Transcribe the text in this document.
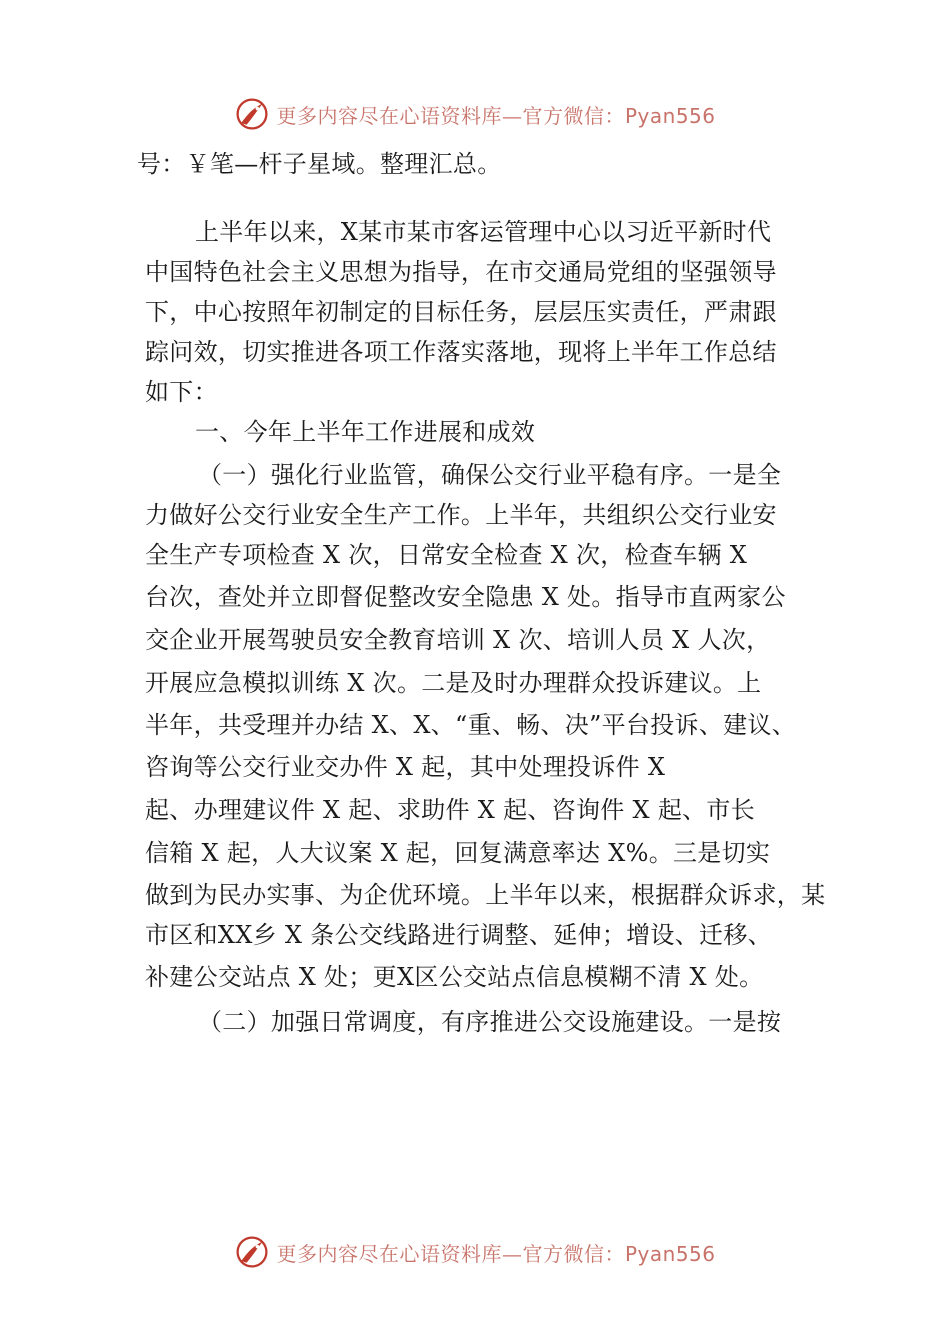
更多内容尽在心语资料库—官方微信：Pyan556
号：￥笔—杆子星域。整理汇总。
上半年以来，X某市某市客运管理中心以习近平新时代
中国特色社会主义思想为指导，在市交通局党组的坚强领导
下，中心按照年初制定的目标任务，层层压实责任，严肃跟
踪问效，切实推进各项工作落实落地，现将上半年工作总结
如下：
一、今年上半年工作进展和成效
（一）强化行业监管，确保公交行业平稳有序。一是全
力做好公交行业安全生产工作。上半年，共组织公交行业安
全生产专项检查 X 次，日常安全检查 X 次，检查车辆 X
台次，查处并立即督促整改安全隐患 X 处。指导市直两家公
交企业开展驾驶员安全教育培训 X 次、培训人员 X 人次，
开展应急模拟训练 X 次。二是及时办理群众投诉建议。上
半年，共受理并办结 X、X、“重、畅、决”平台投诉、建议、
咨询等公交行业交办件 X 起，其中处理投诉件 X
起、办理建议件 X 起、求助件 X 起、咨询件 X 起、市长
信箱 X 起，人大议案 X 起，回复满意率达 X%。三是切实
做到为民办实事、为企优环境。上半年以来，根据群众诉求，某
市区和XX乡 X 条公交线路进行调整、延伸；增设、迁移、
补建公交站点 X 处；更X区公交站点信息模糊不清 X 处。
（二）加强日常调度，有序推进公交设施建设。一是按
更多内容尽在心语资料库—官方微信：Pyan556
